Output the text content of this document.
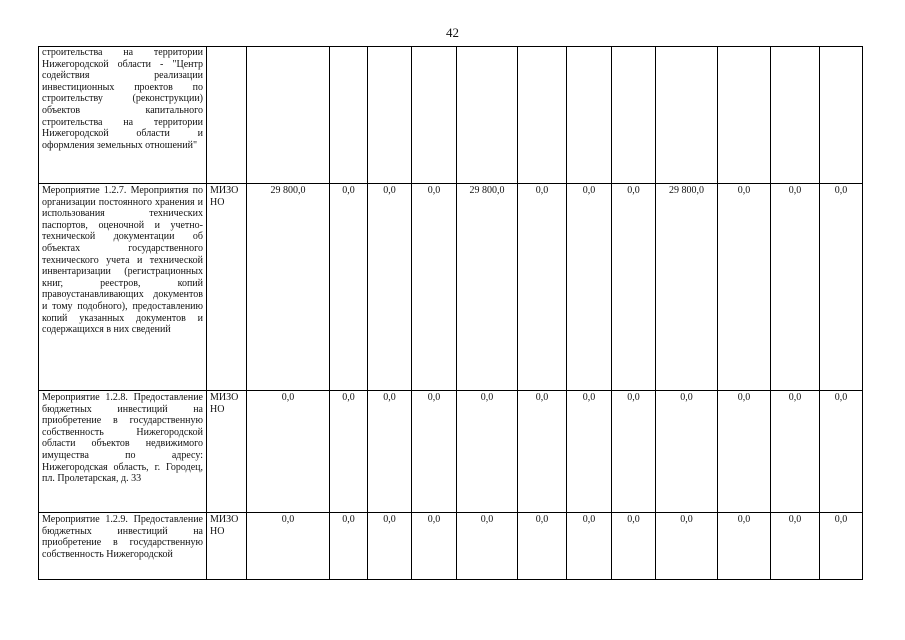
42
строительства на территории Нижегородской области - "Центр содействия реализации инвестиционных проектов по строительству (реконструкции) объектов капитального строительства на территории Нижегородской области и оформления земельных отношений"													
Мероприятие 1.2.7. Мероприятия по организации постоянного хранения и использования технических паспортов, оценочной и учетно-технической документации об объектах государственного технического учета и технической инвентаризации (регистрационных книг, реестров, копий правоустанавливающих документов и тому подобного), предоставлению копий указанных документов и содержащихся в них сведений	МИЗО НО	29 800,0	0,0	0,0	0,0	29 800,0	0,0	0,0	0,0	29 800,0	0,0	0,0	0,0
Мероприятие 1.2.8. Предоставление бюджетных инвестиций на приобретение в государственную собственность Нижегородской области объектов недвижимого имущества по адресу: Нижегородская область, г. Городец, пл. Пролетарская, д. 33	МИЗО НО	0,0	0,0	0,0	0,0	0,0	0,0	0,0	0,0	0,0	0,0	0,0	0,0
Мероприятие 1.2.9. Предоставление бюджетных инвестиций на приобретение в государственную собственность Нижегородской	МИЗО НО	0,0	0,0	0,0	0,0	0,0	0,0	0,0	0,0	0,0	0,0	0,0	0,0
